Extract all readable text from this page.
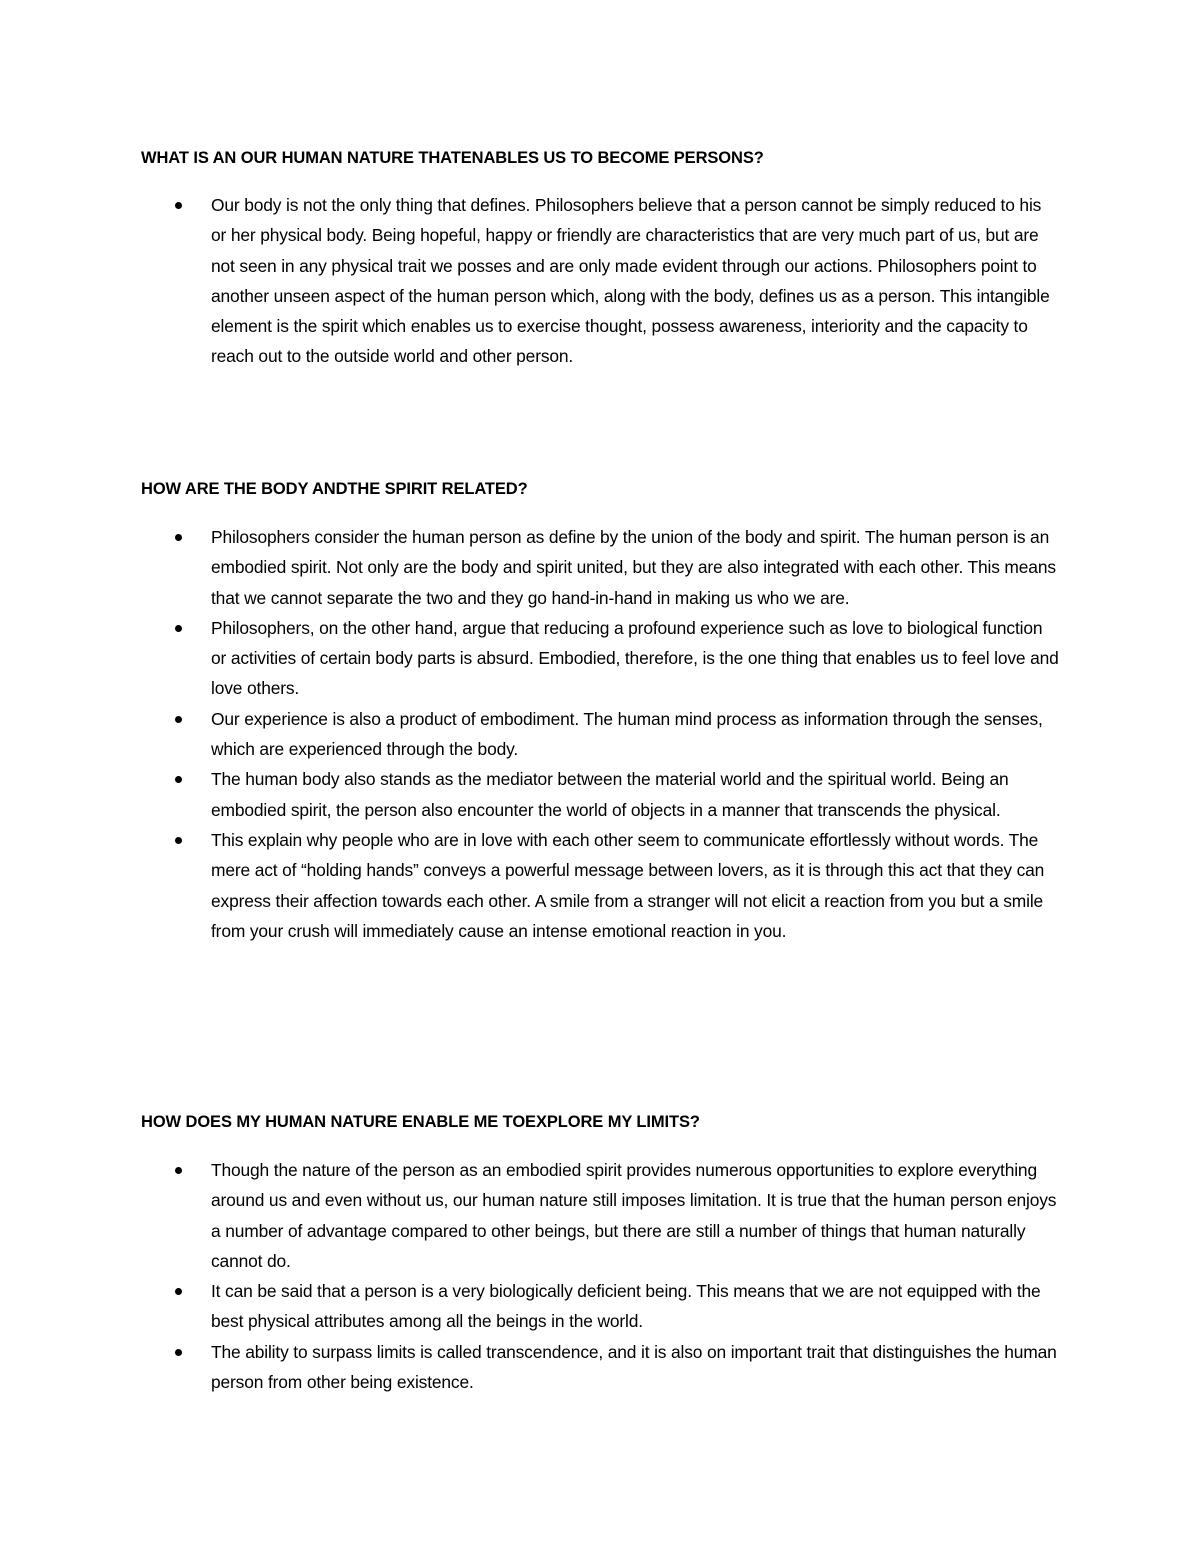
WHAT IS AN OUR HUMAN NATURE THATENABLES US TO BECOME PERSONS?
Our body is not the only thing that defines. Philosophers believe that a person cannot be simply reduced to his or her physical body. Being hopeful, happy or friendly are characteristics that are very much part of us, but are not seen in any physical trait we posses and are only made evident through our actions. Philosophers point to another unseen aspect of the human person which, along with the body, defines us as a person. This intangible element is the spirit which enables us to exercise thought, possess awareness, interiority and the capacity to reach out to the outside world and other person.
HOW ARE THE BODY ANDTHE SPIRIT RELATED?
Philosophers consider the human person as define by the union of the body and spirit. The human person is an embodied spirit. Not only are the body and spirit united, but they are also integrated with each other. This means that we cannot separate the two and they go hand-in-hand in making us who we are.
Philosophers, on the other hand, argue that reducing a profound experience such as love to biological function or activities of certain body parts is absurd. Embodied, therefore, is the one thing that enables us to feel love and love others.
Our experience is also a product of embodiment. The human mind process as information through the senses, which are experienced through the body.
The human body also stands as the mediator between the material world and the spiritual world. Being an embodied spirit, the person also encounter the world of objects in a manner that transcends the physical.
This explain why people who are in love with each other seem to communicate effortlessly without words. The mere act of “holding hands” conveys a powerful message between lovers, as it is through this act that they can express their affection towards each other. A smile from a stranger will not elicit a reaction from you but a smile from your crush will immediately cause an intense emotional reaction in you.
HOW DOES MY HUMAN NATURE ENABLE ME TOEXPLORE MY LIMITS?
Though the nature of the person as an embodied spirit provides numerous opportunities to explore everything around us and even without us, our human nature still imposes limitation. It is true that the human person enjoys a number of advantage compared to other beings, but there are still a number of things that human naturally cannot do.
It can be said that a person is a very biologically deficient being. This means that we are not equipped with the best physical attributes among all the beings in the world.
The ability to surpass limits is called transcendence, and it is also on important trait that distinguishes the human person from other being existence.
